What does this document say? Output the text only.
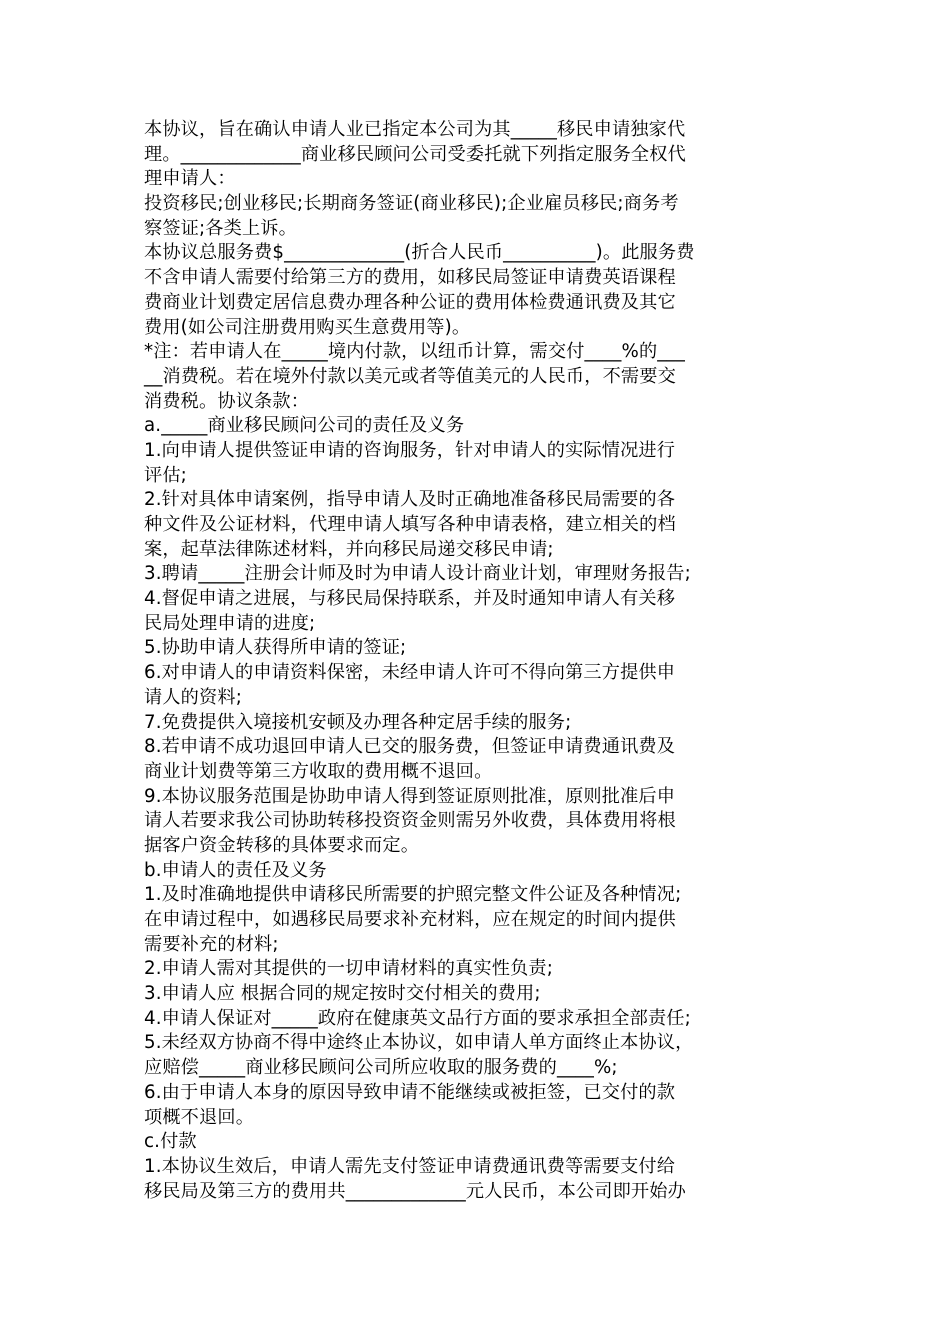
本协议，旨在确认申请人业已指定本公司为其_____移民申请独家代
理。_____________商业移民顾问公司受委托就下列指定服务全权代
理申请人：
投资移民;创业移民;长期商务签证(商业移民);企业雇员移民;商务考
察签证;各类上诉。
本协议总服务费$_____________(折合人民币__________)。此服务费
不含申请人需要付给第三方的费用，如移民局签证申请费英语课程
费商业计划费定居信息费办理各种公证的费用体检费通讯费及其它
费用(如公司注册费用购买生意费用等)。
*注：若申请人在_____境内付款，以纽币计算，需交付____%的___
__消费税。若在境外付款以美元或者等值美元的人民币，不需要交
消费税。协议条款：
a._____商业移民顾问公司的责任及义务
1.向申请人提供签证申请的咨询服务，针对申请人的实际情况进行
评估;
2.针对具体申请案例，指导申请人及时正确地准备移民局需要的各
种文件及公证材料，代理申请人填写各种申请表格，建立相关的档
案，起草法律陈述材料，并向移民局递交移民申请;
3.聘请_____注册会计师及时为申请人设计商业计划，审理财务报告;
4.督促申请之进展，与移民局保持联系，并及时通知申请人有关移
民局处理申请的进度;
5.协助申请人获得所申请的签证;
6.对申请人的申请资料保密，未经申请人许可不得向第三方提供申
请人的资料;
7.免费提供入境接机安顿及办理各种定居手续的服务;
8.若申请不成功退回申请人已交的服务费，但签证申请费通讯费及
商业计划费等第三方收取的费用概不退回。
9.本协议服务范围是协助申请人得到签证原则批准，原则批准后申
请人若要求我公司协助转移投资资金则需另外收费，具体费用将根
据客户资金转移的具体要求而定。
b.申请人的责任及义务
1.及时准确地提供申请移民所需要的护照完整文件公证及各种情况;
在申请过程中，如遇移民局要求补充材料，应在规定的时间内提供
需要补充的材料;
2.申请人需对其提供的一切申请材料的真实性负责;
3.申请人应 根据合同的规定按时交付相关的费用;
4.申请人保证对_____政府在健康英文品行方面的要求承担全部责任;
5.未经双方协商不得中途终止本协议，如申请人单方面终止本协议，
应赔偿_____商业移民顾问公司所应收取的服务费的____%;
6.由于申请人本身的原因导致申请不能继续或被拒签，已交付的款
项概不退回。
c.付款
1.本协议生效后，申请人需先支付签证申请费通讯费等需要支付给
移民局及第三方的费用共_____________元人民币，本公司即开始办
